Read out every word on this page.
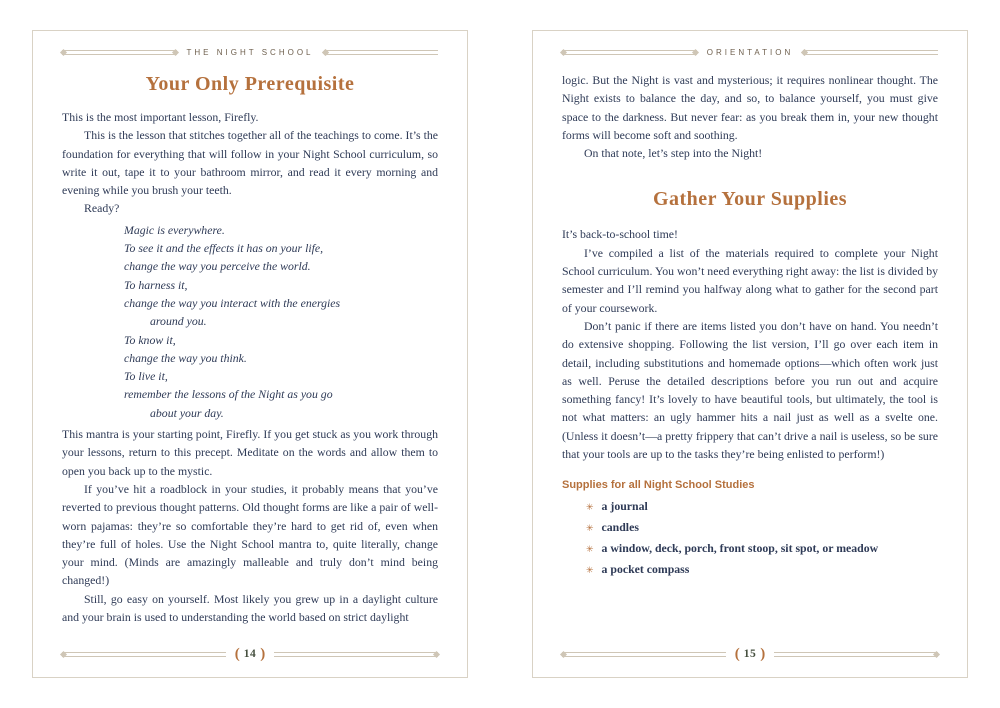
THE NIGHT SCHOOL
Your Only Prerequisite

This is the most important lesson, Firefly.

This is the lesson that stitches together all of the teachings to come. It’s the foundation for everything that will follow in your Night School curriculum, so write it out, tape it to your bathroom mirror, and read it every morning and evening while you brush your teeth.

Ready?

Magic is everywhere.
To see it and the effects it has on your life,
change the way you perceive the world.
To harness it,
change the way you interact with the energies
around you.
To know it,
change the way you think.
To live it,
remember the lessons of the Night as you go
about your day.

This mantra is your starting point, Firefly. If you get stuck as you work through your lessons, return to this precept. Meditate on the words and allow them to open you back up to the mystic.

If you’ve hit a roadblock in your studies, it probably means that you’ve reverted to previous thought patterns. Old thought forms are like a pair of well-worn pajamas: they’re so comfortable they’re hard to get rid of, even when they’re full of holes. Use the Night School mantra to, quite literally, change your mind. (Minds are amazingly malleable and truly don’t mind being changed!)

Still, go easy on yourself. Most likely you grew up in a daylight culture and your brain is used to understanding the world based on strict daylight

( 14 )
ORIENTATION

logic. But the Night is vast and mysterious; it requires nonlinear thought. The Night exists to balance the day, and so, to balance yourself, you must give space to the darkness. But never fear: as you break them in, your new thought forms will become soft and soothing.

On that note, let’s step into the Night!

Gather Your Supplies

It’s back-to-school time!

I’ve compiled a list of the materials required to complete your Night School curriculum. You won’t need everything right away: the list is divided by semester and I’ll remind you halfway along what to gather for the second part of your coursework.

Don’t panic if there are items listed you don’t have on hand. You needn’t do extensive shopping. Following the list version, I’ll go over each item in detail, including substitutions and homemade options—which often work just as well. Peruse the detailed descriptions before you run out and acquire something fancy! It’s lovely to have beautiful tools, but ultimately, the tool is not what matters: an ugly hammer hits a nail just as well as a svelte one. (Unless it doesn’t—a pretty frippery that can’t drive a nail is useless, so be sure that your tools are up to the tasks they’re being enlisted to perform!)

Supplies for all Night School Studies
✳ a journal
✳ candles
✳ a window, deck, porch, front stoop, sit spot, or meadow
✳ a pocket compass
( 15 )
